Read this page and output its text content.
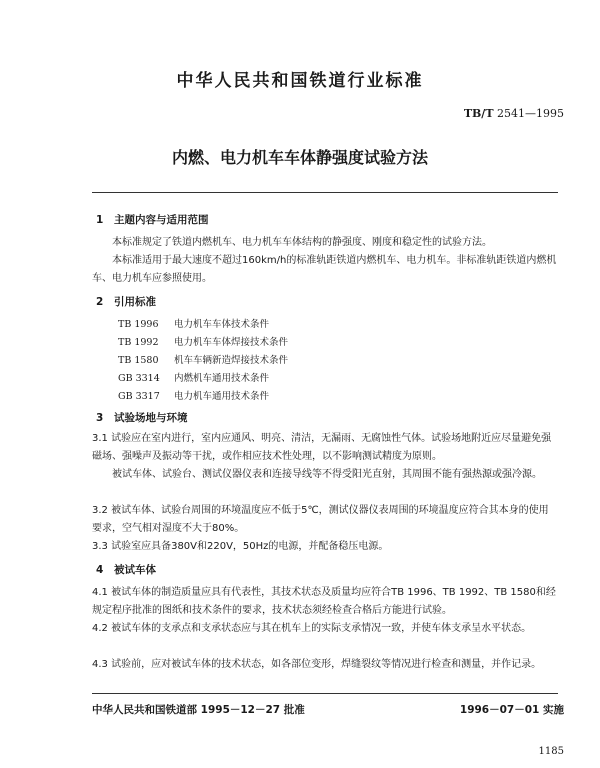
中华人民共和国铁道行业标准
TB/T 2541—1995
内燃、电力机车车体静强度试验方法
1 主题内容与适用范围
本标准规定了铁道内燃机车、电力机车车体结构的静强度、刚度和稳定性的试验方法。
本标准适用于最大速度不超过160km/h的标准轨距铁道内燃机车、电力机车。非标准轨距铁道内燃机车、电力机车应参照使用。
2 引用标准
TB 1996	电力机车车体技术条件
TB 1992	电力机车车体焊接技术条件
TB 1580	机车车辆新造焊接技术条件
GB 3314	内燃机车通用技术条件
GB 3317	电力机车通用技术条件
3 试验场地与环境
3.1 试验应在室内进行，室内应通风、明亮、清洁，无漏雨、无腐蚀性气体。试验场地附近应尽量避免强磁场、强噪声及振动等干扰，或作相应技术性处理，以不影响测试精度为原则。
被试车体、试验台、测试仪器仪表和连接导线等不得受阳光直射，其周围不能有强热源或强冷源。
3.2 被试车体、试验台周围的环境温度应不低于5℃，测试仪器仪表周围的环境温度应符合其本身的使用要求，空气相对湿度不大于80%。
3.3 试验室应具备380V和220V，50Hz的电源，并配备稳压电源。
4 被试车体
4.1 被试车体的制造质量应具有代表性，其技术状态及质量均应符合TB 1996、TB 1992、TB 1580和经规定程序批准的图纸和技术条件的要求，技术状态须经检查合格后方能进行试验。
4.2 被试车体的支承点和支承状态应与其在机车上的实际支承情况一致，并使车体支承呈水平状态。
4.3 试验前，应对被试车体的技术状态，如各部位变形，焊缝裂纹等情况进行检查和测量，并作记录。
中华人民共和国铁道部 1995－12－27 批准	1996－07－01 实施
1185
